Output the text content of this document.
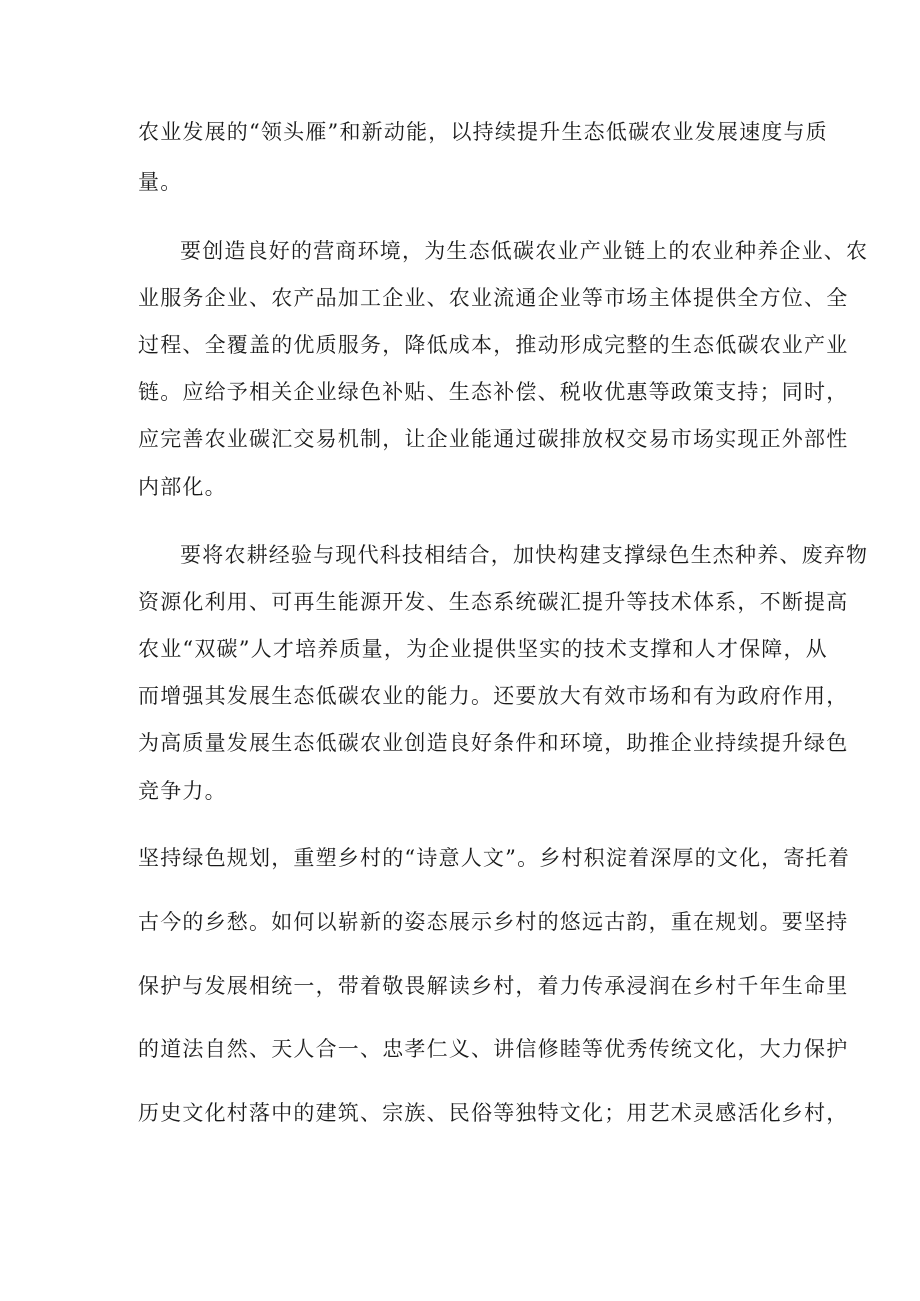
农业发展的“领头雁”和新动能，以持续提升生态低碳农业发展速度与质
量。
要创造良好的营商环境，为生态低碳农业产业链上的农业种养企业、农
业服务企业、农产品加工企业、农业流通企业等市场主体提供全方位、全
过程、全覆盖的优质服务，降低成本，推动形成完整的生态低碳农业产业
链。应给予相关企业绿色补贴、生态补偿、税收优惠等政策支持；同时，
应完善农业碳汇交易机制，让企业能通过碳排放权交易市场实现正外部性
内部化。
要将农耕经验与现代科技相结合，加快构建支撑绿色生杰种养、废弃物
资源化利用、可再生能源开发、生态系统碳汇提升等技术体系，不断提高
农业“双碳”人才培养质量，为企业提供坚实的技术支撑和人才保障，从
而增强其发展生态低碳农业的能力。还要放大有效市场和有为政府作用，
为高质量发展生态低碳农业创造良好条件和环境，助推企业持续提升绿色
竞争力。
坚持绿色规划，重塑乡村的“诗意人文”。乡村积淀着深厚的文化，寄托着
古今的乡愁。如何以崭新的姿态展示乡村的悠远古韵，重在规划。要坚持
保护与发展相统一，带着敬畏解读乡村，着力传承浸润在乡村千年生命里
的道法自然、天人合一、忠孝仁义、讲信修睦等优秀传统文化，大力保护
历史文化村落中的建筑、宗族、民俗等独特文化；用艺术灵感活化乡村，
